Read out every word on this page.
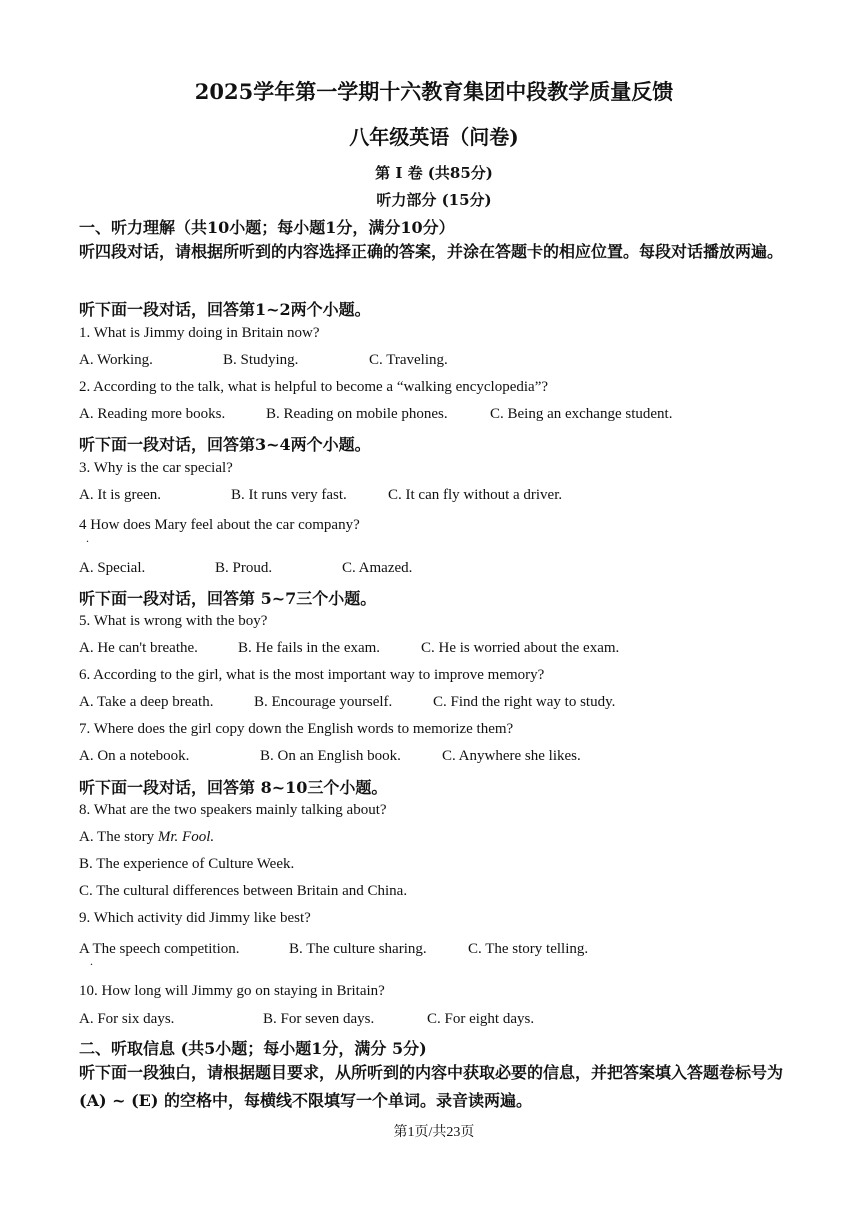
2025学年第一学期十六教育集团中段教学质量反馈
八年级英语（问卷)
第 I 卷 (共85分)
听力部分 (15分)
一、听力理解（共10小题；每小题1分，满分10分）
听四段对话，请根据所听到的内容选择正确的答案，并涂在答题卡的相应位置。每段对话播放两遍。
听下面一段对话，回答第1~2两个小题。
1. What is Jimmy doing in Britain now?
A. Working.	B. Studying.	C. Traveling.
2. According to the talk, what is helpful to become a “walking encyclopedia”?
A. Reading more books.	B. Reading on mobile phones.	C. Being an exchange student.
听下面一段对话，回答第3~4两个小题。
3. Why is the car special?
A. It is green.	B. It runs very fast.	C. It can fly without a driver.
4 How does Mary feel about the car company?
.
A. Special.	B. Proud.	C. Amazed.
听下面一段对话，回答第 5~7三个小题。
5. What is wrong with the boy?
A. He can't breathe.	B. He fails in the exam.	C. He is worried about the exam.
6. According to the girl, what is the most important way to improve memory?
A. Take a deep breath.	B. Encourage yourself.	C. Find the right way to study.
7. Where does the girl copy down the English words to memorize them?
A. On a notebook.	B. On an English book.	C. Anywhere she likes.
听下面一段对话，回答第 8~10三个小题。
8. What are the two speakers mainly talking about?
A. The story Mr. Fool.
B. The experience of Culture Week.
C. The cultural differences between Britain and China.
9. Which activity did Jimmy like best?
A The speech competition.
.
B. The culture sharing.	C. The story telling.
10. How long will Jimmy go on staying in Britain?
A. For six days.	B. For seven days.	C. For eight days.
二、听取信息 (共5小题；每小题1分，满分 5分)
听下面一段独白，请根据题目要求，从所听到的内容中获取必要的信息，并把答案填入答题卷标号为 (A) ~ (E) 的空格中，每横线不限填写一个单词。录音读两遍。
第1页/共23页
